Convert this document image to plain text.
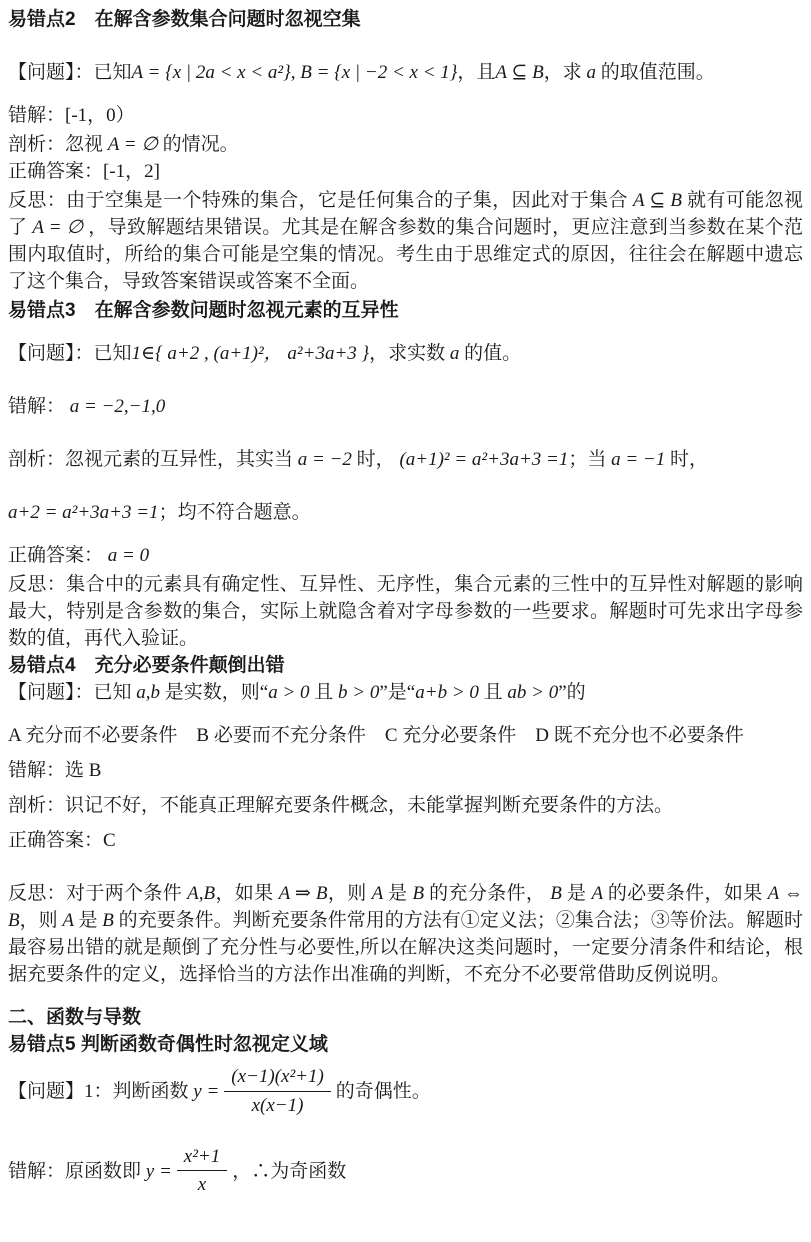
易错点2　在解含参数集合问题时忽视空集

【问题】：已知A = {x | 2a < x < a²}, B = {x | −2 < x < 1}，且A ⊆ B，求 a 的取值范围。

错解：[-1，0）

剖析：忽视 A = ∅ 的情况。

正确答案：[-1，2]

反思：由于空集是一个特殊的集合，它是任何集合的子集，因此对于集合 A ⊆ B 就有可能忽视了 A = ∅ ，导致解题结果错误。尤其是在解含参数的集合问题时，更应注意到当参数在某个范围内取值时，所给的集合可能是空集的情况。考生由于思维定式的原因，往往会在解题中遗忘了这个集合，导致答案错误或答案不全面。

易错点3　在解含参数问题时忽视元素的互异性

【问题】：已知1∈{ a+2 , (a+1)²， a²+3a+3 }，求实数 a 的值。

错解： a = −2,−1,0

剖析：忽视元素的互异性，其实当 a = −2 时， (a+1)² = a²+3a+3 =1；当 a = −1 时，

a+2 = a²+3a+3 =1；均不符合题意。

正确答案： a = 0

反思：集合中的元素具有确定性、互异性、无序性，集合元素的三性中的互异性对解题的影响最大，特别是含参数的集合，实际上就隐含着对字母参数的一些要求。解题时可先求出字母参数的值，再代入验证。

易错点4　充分必要条件颠倒出错

【问题】：已知 a,b 是实数，则“a > 0 且 b > 0”是“a+b > 0 且 ab > 0”的

A 充分而不必要条件　B 必要而不充分条件　C 充分必要条件　D 既不充分也不必要条件

错解：选 B

剖析：识记不好，不能真正理解充要条件概念，未能掌握判断充要条件的方法。

正确答案：C

反思：对于两个条件 A,B，如果 A ⇒ B，则 A 是 B 的充分条件， B 是 A 的必要条件，如果 A ⇔ B，则 A 是 B 的充要条件。判断充要条件常用的方法有①定义法；②集合法；③等价法。解题时最容易出错的就是颠倒了充分性与必要性,所以在解决这类问题时，一定要分清条件和结论，根据充要条件的定义，选择恰当的方法作出准确的判断，不充分不必要常借助反例说明。

二、函数与导数

易错点5 判断函数奇偶性时忽视定义域

【问题】1：判断函数 $y = \frac{\text{(x−1)(x²+1)}}{x(x-1)}$ 的奇偶性。

错解：原函数即 $y = \frac{\text{x²+1}}{x}$ ，∴为奇函数
